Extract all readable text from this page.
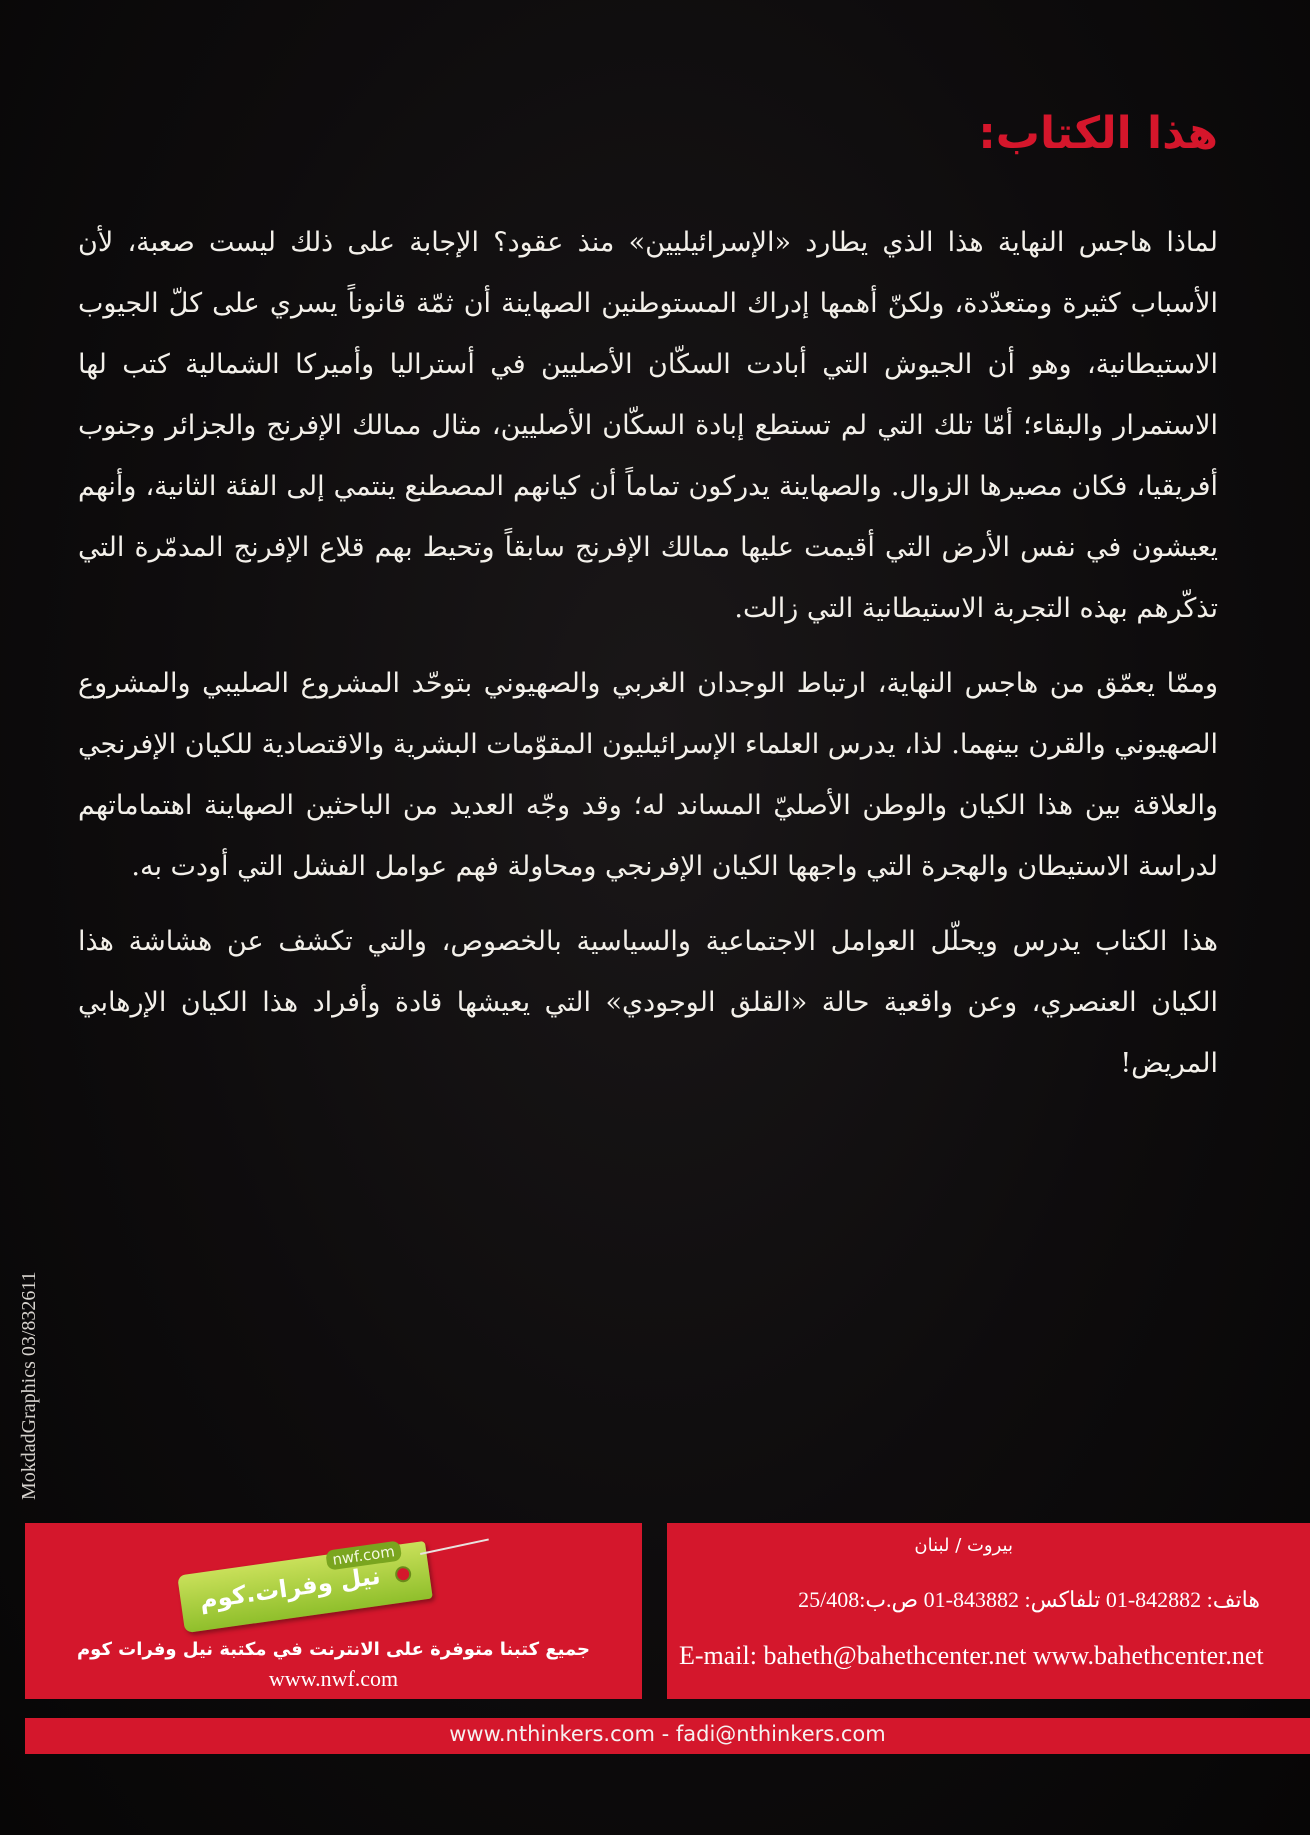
هذا الكتاب:

لماذا هاجس النهاية هذا الذي يطارد «الإسرائيليين» منذ عقود؟ الإجابة على ذلك ليست صعبة، لأن الأسباب كثيرة ومتعدّدة، ولكنّ أهمها إدراك المستوطنين الصهاينة أن ثمّة قانوناً يسري على كلّ الجيوب الاستيطانية، وهو أن الجيوش التي أبادت السكّان الأصليين في أستراليا وأميركا الشمالية كتب لها الاستمرار والبقاء؛ أمّا تلك التي لم تستطع إبادة السكّان الأصليين، مثال ممالك الإفرنج والجزائر وجنوب أفريقيا، فكان مصيرها الزوال. والصهاينة يدركون تماماً أن كيانهم المصطنع ينتمي إلى الفئة الثانية، وأنهم يعيشون في نفس الأرض التي أقيمت عليها ممالك الإفرنج سابقاً وتحيط بهم قلاع الإفرنج المدمّرة التي تذكّرهم بهذه التجربة الاستيطانية التي زالت.

وممّا يعمّق من هاجس النهاية، ارتباط الوجدان الغربي والصهيوني بتوحّد المشروع الصليبي والمشروع الصهيوني والقرن بينهما. لذا، يدرس العلماء الإسرائيليون المقوّمات البشرية والاقتصادية للكيان الإفرنجي والعلاقة بين هذا الكيان والوطن الأصليّ المساند له؛ وقد وجّه العديد من الباحثين الصهاينة اهتماماتهم لدراسة الاستيطان والهجرة التي واجهها الكيان الإفرنجي ومحاولة فهم عوامل الفشل التي أودت به.

هذا الكتاب يدرس ويحلّل العوامل الاجتماعية والسياسية بالخصوص، والتي تكشف عن هشاشة هذا الكيان العنصري، وعن واقعية حالة «القلق الوجودي» التي يعيشها قادة وأفراد هذا الكيان الإرهابي المريض!

MokdadGraphics 03/832611
nwf.com
نيل وفرات.كوم
جميع كتبنا متوفرة على الانترنت في مكتبة نيل وفرات كوم
www.nwf.com
بيروت / لبنان
هاتف: 842882-01 تلفاكس: 843882-01 ص.ب:25/408
E-mail: baheth@bahethcenter.net www.bahethcenter.net
www.nthinkers.com - fadi@nthinkers.com
